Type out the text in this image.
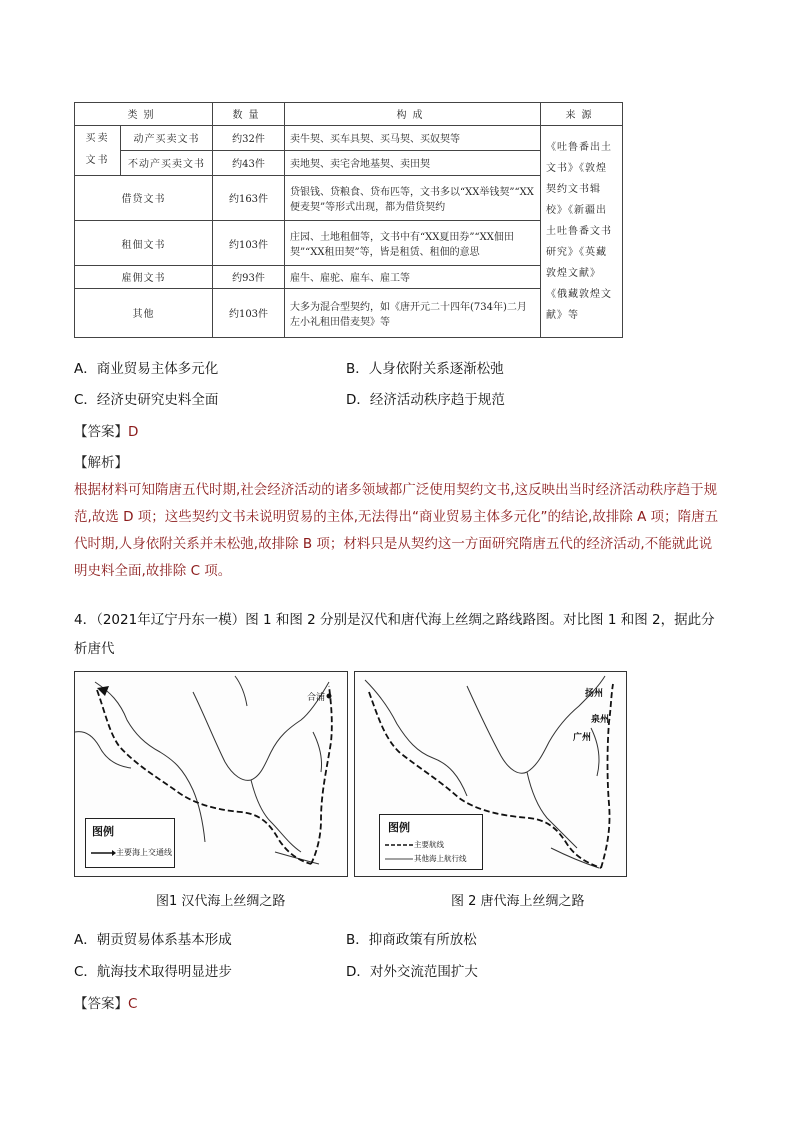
类别		数量	构成	来源
买卖文书	动产买卖文书	约32件	卖牛契、买车具契、买马契、买奴契等	《吐鲁番出土文书》《敦煌契约文书辑校》《新疆出土吐鲁番文书研究》《英藏敦煌文献》《俄藏敦煌文献》等
	不动产买卖文书	约43件	卖地契、卖宅舍地基契、卖田契	
借贷文书		约163件	贷银钱、贷粮食、贷布匹等，文书多以“XX举钱契”“XX便麦契”等形式出现，都为借贷契约	
租佃文书		约103件	庄园、土地租佃等，文书中有“XX夏田券”“XX佃田契”“XX租田契”等，皆是租赁、租佃的意思	
雇佣文书		约93件	雇牛、雇驼、雇车、雇工等	
其他		约103件	大多为混合型契约，如《唐开元二十四年(734年)二月左小礼租田借麦契》等	
A．商业贸易主体多元化	B．人身依附关系逐渐松弛
C．经济史研究史料全面	D．经济活动秩序趋于规范
【答案】D
【解析】
根据材料可知隋唐五代时期,社会经济活动的诸多领域都广泛使用契约文书,这反映出当时经济活动秩序趋于规范,故选 D 项；这些契约文书未说明贸易的主体,无法得出“商业贸易主体多元化”的结论,故排除 A 项；隋唐五代时期,人身依附关系并未松弛,故排除 B 项；材料只是从契约这一方面研究隋唐五代的经济活动,不能就此说明史料全面,故排除 C 项。
4．（2021年辽宁丹东一模）图 1 和图 2 分别是汉代和唐代海上丝绸之路线路图。对比图 1 和图 2，据此分析唐代
合浦
图例
主要海上交通线
扬州
泉州
广州
图例
主要航线
其他海上航行线
图1 汉代海上丝绸之路	图 2 唐代海上丝绸之路
A．朝贡贸易体系基本形成	B．抑商政策有所放松
C．航海技术取得明显进步	D．对外交流范围扩大
【答案】C
